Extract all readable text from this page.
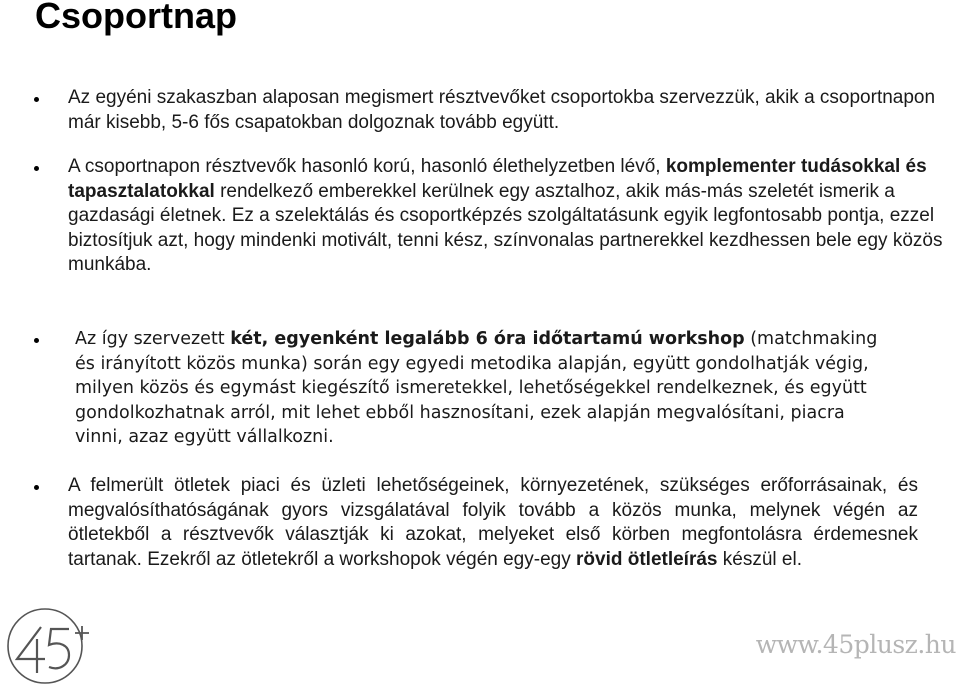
Csoportnap
Az egyéni szakaszban alaposan megismert résztvevőket csoportokba szervezzük, akik a csoportnapon már kisebb, 5-6 fős csapatokban dolgoznak tovább együtt.
A csoportnapon résztvevők hasonló korú, hasonló élethelyzetben lévő, komplementer tudásokkal és tapasztalatokkal rendelkező emberekkel kerülnek egy asztalhoz, akik más-más szeletét ismerik a gazdasági életnek. Ez a szelektálás és csoportképzés szolgáltatásunk egyik legfontosabb pontja, ezzel biztosítjuk azt, hogy mindenki motivált, tenni kész, színvonalas partnerekkel kezdhessen bele egy közös munkába.
Az így szervezett két, egyenként legalább 6 óra időtartamú workshop (matchmaking és irányított közös munka) során egy egyedi metodika alapján, együtt gondolhatják végig, milyen közös és egymást kiegészítő ismeretekkel, lehetőségekkel rendelkeznek, és együtt gondolkozhatnak arról, mit lehet ebből hasznosítani, ezek alapján megvalósítani, piacra vinni, azaz együtt vállalkozni.
A felmerült ötletek piaci és üzleti lehetőségeinek, környezetének, szükséges erőforrásainak, és megvalósíthatóságának gyors vizsgálatával folyik tovább a közös munka, melynek végén az ötletekből a résztvevők választják ki azokat, melyeket első körben megfontolásra érdemesnek tartanak. Ezekről az ötletekről a workshopok végén egy-egy rövid ötletleírás készül el.
www.45plusz.hu
